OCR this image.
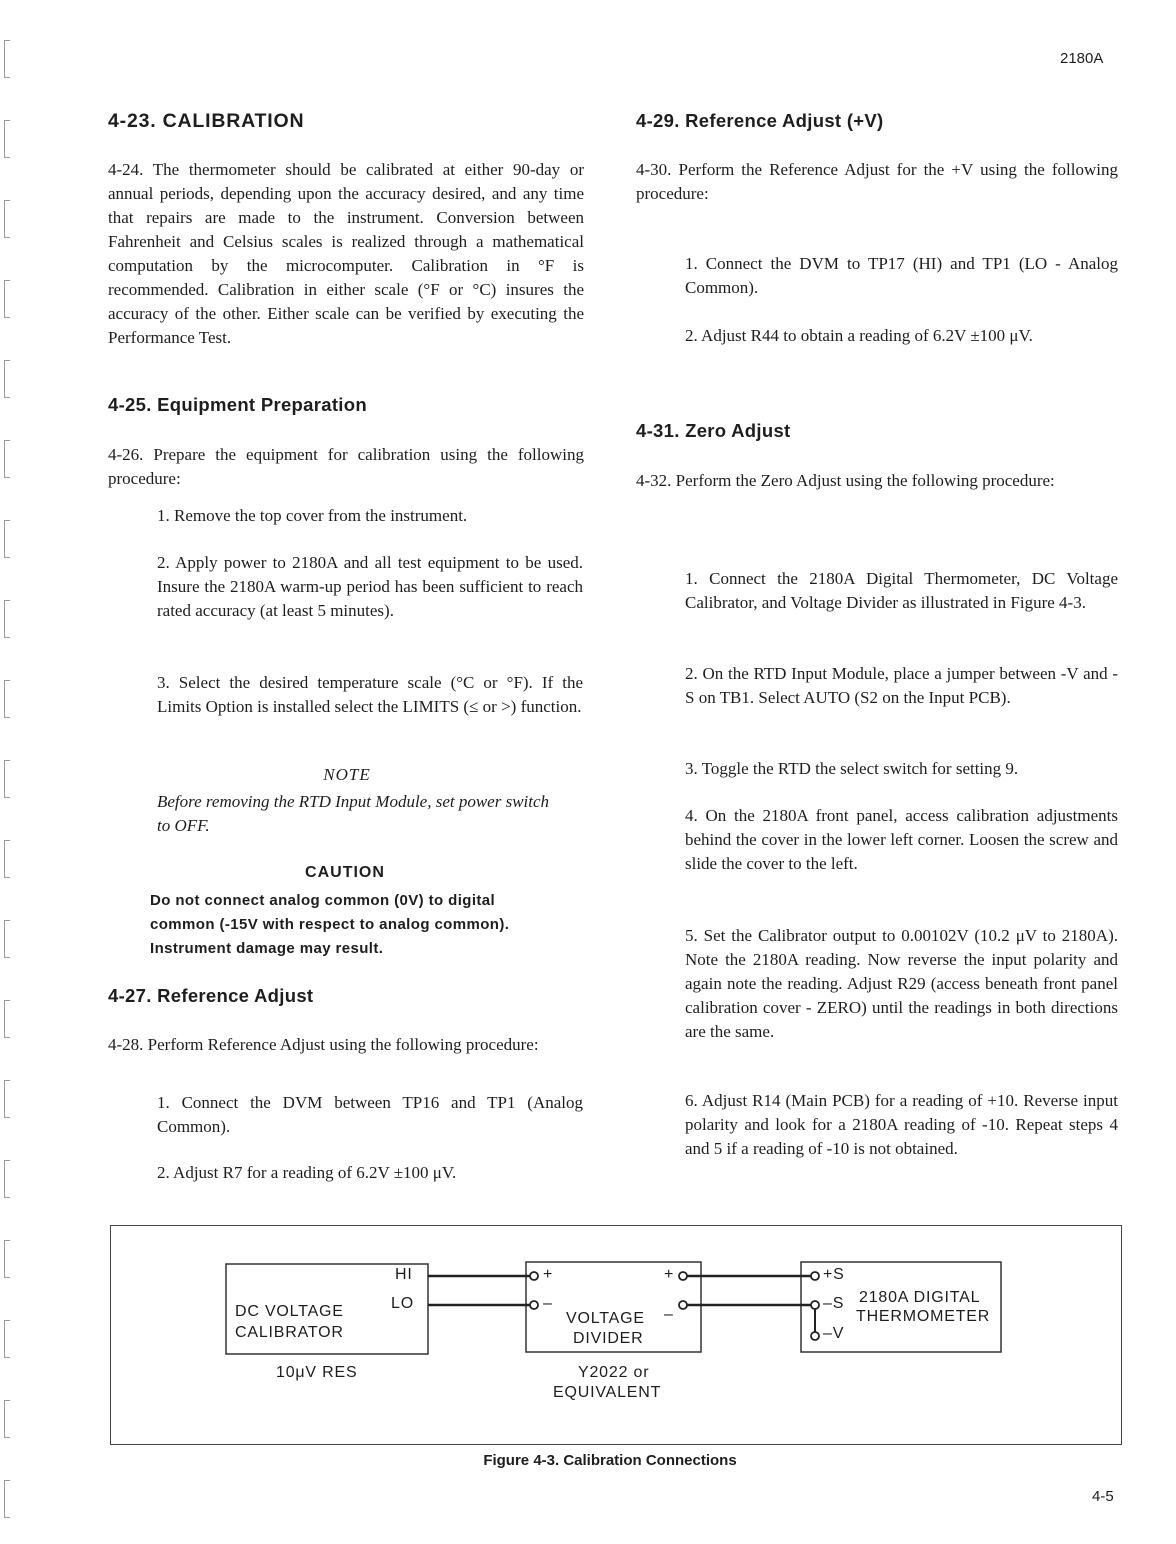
2180A
4-23. CALIBRATION
4-24. The thermometer should be calibrated at either 90-day or annual periods, depending upon the accuracy desired, and any time that repairs are made to the instrument. Conversion between Fahrenheit and Celsius scales is realized through a mathematical computation by the microcomputer. Calibration in °F is recommended. Calibration in either scale (°F or °C) insures the accuracy of the other. Either scale can be verified by executing the Performance Test.
4-25. Equipment Preparation
4-26. Prepare the equipment for calibration using the following procedure:
1. Remove the top cover from the instrument.
2. Apply power to 2180A and all test equipment to be used. Insure the 2180A warm-up period has been sufficient to reach rated accuracy (at least 5 minutes).
3. Select the desired temperature scale (°C or °F). If the Limits Option is installed select the LIMITS (≤ or >) function.
NOTE
Before removing the RTD Input Module, set power switch to OFF.
CAUTION
Do not connect analog common (0V) to digital common (-15V with respect to analog common). Instrument damage may result.
4-27. Reference Adjust
4-28. Perform Reference Adjust using the following procedure:
1. Connect the DVM between TP16 and TP1 (Analog Common).
2. Adjust R7 for a reading of 6.2V ±100 μV.
4-29. Reference Adjust (+V)
4-30. Perform the Reference Adjust for the +V using the following procedure:
1. Connect the DVM to TP17 (HI) and TP1 (LO - Analog Common).
2. Adjust R44 to obtain a reading of 6.2V ±100 μV.
4-31. Zero Adjust
4-32. Perform the Zero Adjust using the following procedure:
1. Connect the 2180A Digital Thermometer, DC Voltage Calibrator, and Voltage Divider as illustrated in Figure 4-3.
2. On the RTD Input Module, place a jumper between -V and -S on TB1. Select AUTO (S2 on the Input PCB).
3. Toggle the RTD the select switch for setting 9.
4. On the 2180A front panel, access calibration adjustments behind the cover in the lower left corner. Loosen the screw and slide the cover to the left.
5. Set the Calibrator output to 0.00102V (10.2 μV to 2180A). Note the 2180A reading. Now reverse the input polarity and again note the reading. Adjust R29 (access beneath front panel calibration cover - ZERO) until the readings in both directions are the same.
6. Adjust R14 (Main PCB) for a reading of +10. Reverse input polarity and look for a 2180A reading of -10. Repeat steps 4 and 5 if a reading of -10 is not obtained.
HI
LO
DC VOLTAGE
CALIBRATOR
10μV RES
+
–
+
–
VOLTAGE
DIVIDER
Y2022 or
EQUIVALENT
+S
–S
–V
2180A DIGITAL
THERMOMETER
Figure 4-3. Calibration Connections
4-5
